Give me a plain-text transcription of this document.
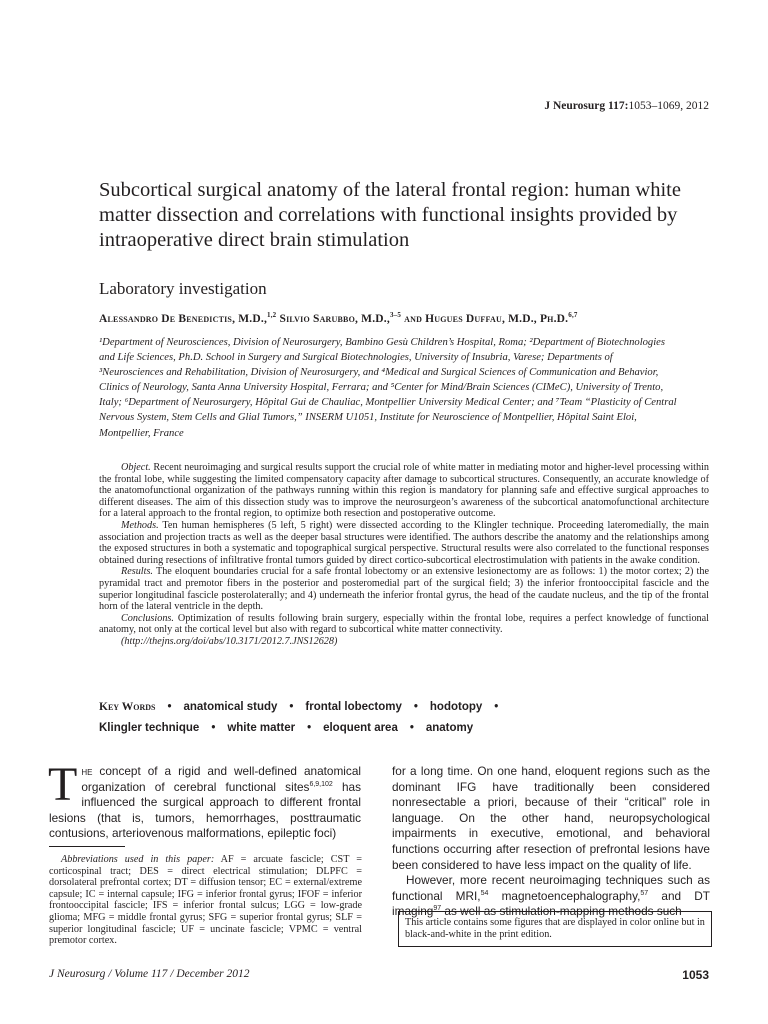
J Neurosurg 117:1053–1069, 2012
Subcortical surgical anatomy of the lateral frontal region: human white matter dissection and correlations with functional insights provided by intraoperative direct brain stimulation
Laboratory investigation
Alessandro De Benedictis, M.D.,$^{1,2}$ Silvio Sarubbo, M.D.,$^{3-5}$ and Hugues Duffau, M.D., Ph.D.$^{6,7}$
¹Department of Neurosciences, Division of Neurosurgery, Bambino Gesù Children’s Hospital, Roma; ²Department of Biotechnologies and Life Sciences, Ph.D. School in Surgery and Surgical Biotechnologies, University of Insubria, Varese; Departments of ³Neurosciences and Rehabilitation, Division of Neurosurgery, and ⁴Medical and Surgical Sciences of Communication and Behavior, Clinics of Neurology, Santa Anna University Hospital, Ferrara; and ⁵Center for Mind/Brain Sciences (CIMeC), University of Trento, Italy; ⁶Department of Neurosurgery, Hôpital Gui de Chauliac, Montpellier University Medical Center; and ⁷Team “Plasticity of Central Nervous System, Stem Cells and Glial Tumors,” INSERM U1051, Institute for Neuroscience of Montpellier, Hôpital Saint Eloi, Montpellier, France

Object. Recent neuroimaging and surgical results support the crucial role of white matter in mediating motor and higher-level processing within the frontal lobe, while suggesting the limited compensatory capacity after damage to subcortical structures. Consequently, an accurate knowledge of the anatomofunctional organization of the pathways running within this region is mandatory for planning safe and effective surgical approaches to different diseases. The aim of this dissection study was to improve the neurosurgeon’s awareness of the subcortical anatomofunctional architecture for a lateral approach to the frontal region, to optimize both resection and postoperative outcome.

Methods. Ten human hemispheres (5 left, 5 right) were dissected according to the Klingler technique. Proceeding lateromedially, the main association and projection tracts as well as the deeper basal structures were identified. The authors describe the anatomy and the relationships among the exposed structures in both a systematic and topographical surgical perspective. Structural results were also correlated to the functional responses obtained during resections of infiltrative frontal tumors guided by direct cortico-subcortical electrostimulation with patients in the awake condition.

Results. The eloquent boundaries crucial for a safe frontal lobectomy or an extensive lesionectomy are as follows: 1) the motor cortex; 2) the pyramidal tract and premotor fibers in the posterior and posteromedial part of the surgical field; 3) the inferior frontooccipital fascicle and the superior longitudinal fascicle posterolaterally; and 4) underneath the inferior frontal gyrus, the head of the caudate nucleus, and the tip of the frontal horn of the lateral ventricle in the depth.

Conclusions. Optimization of results following brain surgery, especially within the frontal lobe, requires a perfect knowledge of functional anatomy, not only at the cortical level but also with regard to subcortical white matter connectivity.

(http://thejns.org/doi/abs/10.3171/2012.7.JNS12628)

Key Words • anatomical study • frontal lobectomy • hodotopy •
Klingler technique • white matter • eloquent area • anatomy
The concept of a rigid and well-defined anatomical organization of cerebral functional sites$^{6,9,102}$ has influenced the surgical approach to different frontal lesions (that is, tumors, hemorrhages, posttraumatic contusions, arteriovenous malformations, epileptic foci)

Abbreviations used in this paper: AF = arcuate fascicle; CST = corticospinal tract; DES = direct electrical stimulation; DLPFC = dorsolateral prefrontal cortex; DT = diffusion tensor; EC = external/extreme capsule; IC = internal capsule; IFG = inferior frontal gyrus; IFOF = inferior frontooccipital fascicle; IFS = inferior frontal sulcus; LGG = low-grade glioma; MFG = middle frontal gyrus; SFG = superior frontal gyrus; SLF = superior longitudinal fascicle; UF = uncinate fascicle; VPMC = ventral premotor cortex.

for a long time. On one hand, eloquent regions such as the dominant IFG have traditionally been considered nonresectable a priori, because of their “critical” role in language. On the other hand, neuropsychological impairments in executive, emotional, and behavioral functions occurring after resection of prefrontal lesions have been considered to have less impact on the quality of life.
However, more recent neuroimaging techniques such as functional MRI,$^{54}$ magnetoencephalography,$^{57}$ and DT imaging$^{97}$ as well as stimulation-mapping methods such
This article contains some figures that are displayed in color online but in black-and-white in the print edition.
J Neurosurg / Volume 117 / December 2012	1053
